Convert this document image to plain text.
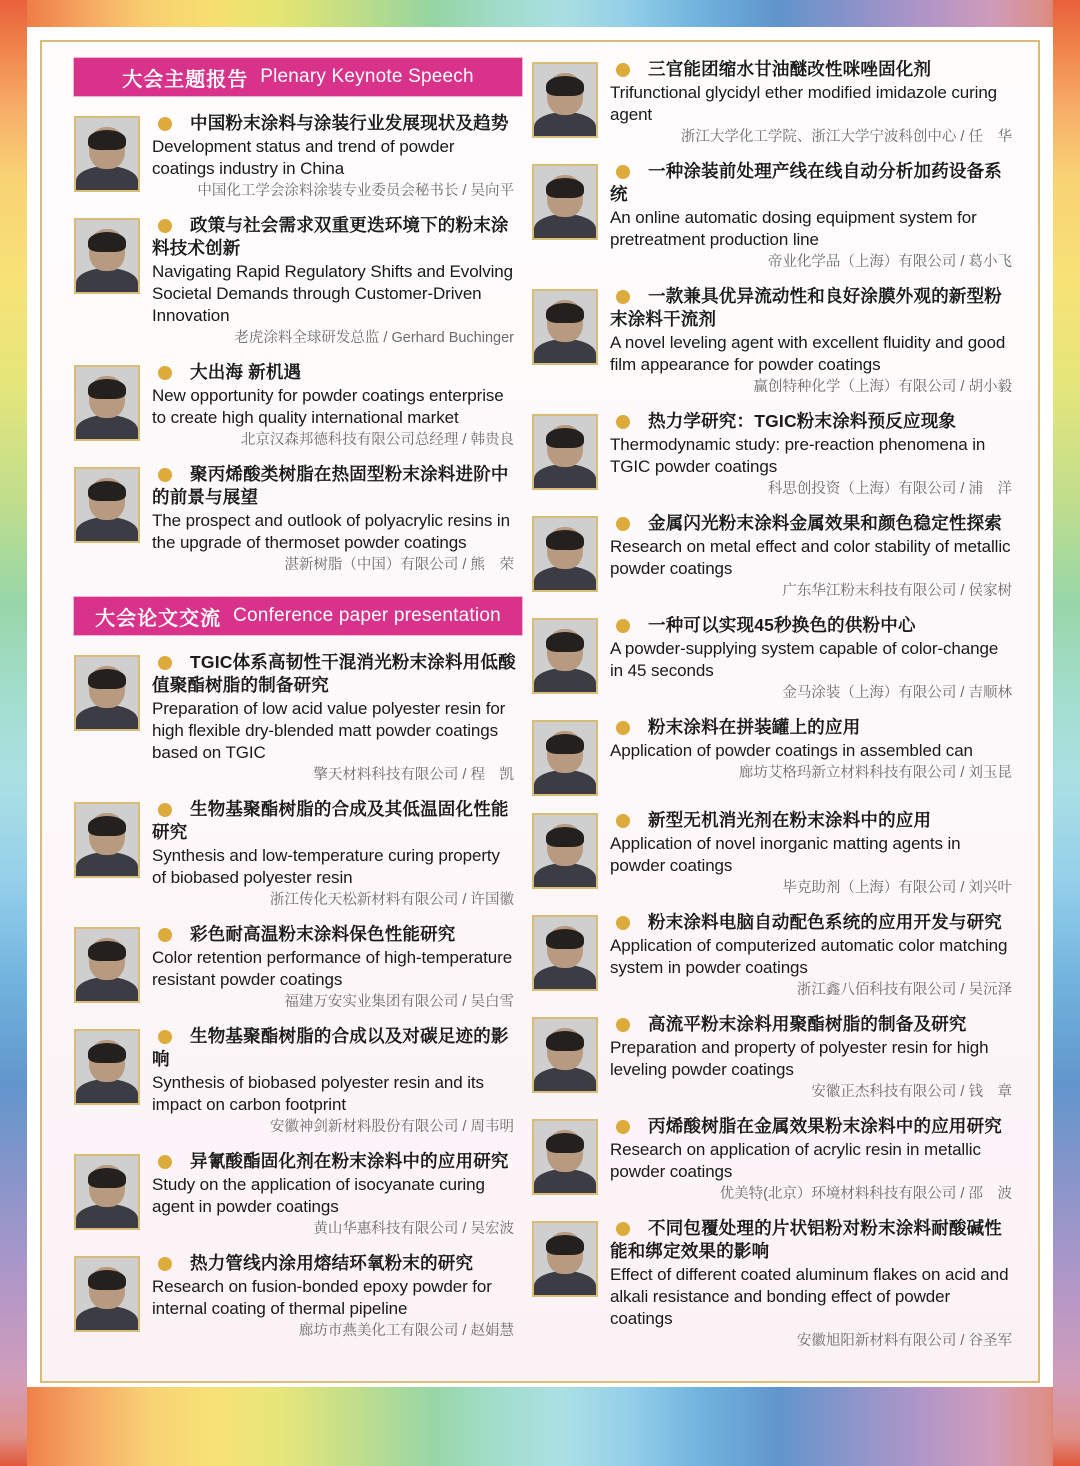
大会主题报告 Plenary Keynote Speech
中国粉末涂料与涂装行业发展现状及趋势
Development status and trend of powder coatings industry in China
中国化工学会涂料涂装专业委员会秘书长 / 吴向平
政策与社会需求双重更迭环境下的粉末涂料技术创新
Navigating Rapid Regulatory Shifts and Evolving Societal Demands through Customer-Driven Innovation
老虎涂料全球研发总监 / Gerhard Buchinger
大出海 新机遇
New opportunity for powder coatings enterprise to create high quality international market
北京汉森邦德科技有限公司总经理 / 韩贵良
聚丙烯酸类树脂在热固型粉末涂料进阶中的前景与展望
The prospect and outlook of polyacrylic resins in the upgrade of thermoset powder coatings
湛新树脂（中国）有限公司 / 熊　荣
大会论文交流 Conference paper presentation
TGIC体系高韧性干混消光粉末涂料用低酸值聚酯树脂的制备研究
Preparation of low acid value polyester resin for high flexible dry-blended matt powder coatings based on TGIC
擎天材料科技有限公司 / 程　凯
生物基聚酯树脂的合成及其低温固化性能研究
Synthesis and low-temperature curing property of biobased polyester resin
浙江传化天松新材料有限公司 / 许国徽
彩色耐高温粉末涂料保色性能研究
Color retention performance of high-temperature resistant powder coatings
福建万安实业集团有限公司 / 吴白雪
生物基聚酯树脂的合成以及对碳足迹的影响
Synthesis of biobased polyester resin and its impact on carbon footprint
安徽神剑新材料股份有限公司 / 周韦明
异氰酸酯固化剂在粉末涂料中的应用研究
Study on the application of isocyanate curing agent in powder coatings
黄山华惠科技有限公司 / 吴宏波
热力管线内涂用熔结环氧粉末的研究
Research on fusion-bonded epoxy powder for internal coating of thermal pipeline
廊坊市燕美化工有限公司 / 赵娟慧
三官能团缩水甘油醚改性咪唑固化剂
Trifunctional glycidyl ether modified imidazole curing agent
浙江大学化工学院、浙江大学宁波科创中心 / 任　华
一种涂装前处理产线在线自动分析加药设备系统
An online automatic dosing equipment system for pretreatment production line
帝业化学品（上海）有限公司 / 葛小飞
一款兼具优异流动性和良好涂膜外观的新型粉末涂料干流剂
A novel leveling agent with excellent fluidity and good film appearance for powder coatings
赢创特种化学（上海）有限公司 / 胡小毅
热力学研究：TGIC粉末涂料预反应现象
Thermodynamic study: pre-reaction phenomena in TGIC powder coatings
科思创投资（上海）有限公司 / 浦　洋
金属闪光粉末涂料金属效果和颜色稳定性探索
Research on metal effect and color stability of metallic powder coatings
广东华江粉末科技有限公司 / 侯家树
一种可以实现45秒换色的供粉中心
A powder-supplying system capable of color-change in 45 seconds
金马涂装（上海）有限公司 / 吉顺林
粉末涂料在拼装罐上的应用
Application of powder coatings in assembled can
廊坊艾格玛新立材料科技有限公司 / 刘玉昆
新型无机消光剂在粉末涂料中的应用
Application of novel inorganic matting agents in powder coatings
毕克助剂（上海）有限公司 / 刘兴叶
粉末涂料电脑自动配色系统的应用开发与研究
Application of computerized automatic color matching system in powder coatings
浙江鑫八佰科技有限公司 / 吴沅泽
高流平粉末涂料用聚酯树脂的制备及研究
Preparation and property of polyester resin for high leveling powder coatings
安徽正杰科技有限公司 / 钱　章
丙烯酸树脂在金属效果粉末涂料中的应用研究
Research on application of acrylic resin in metallic powder coatings
优美特(北京）环境材料科技有限公司 / 邵　波
不同包覆处理的片状铝粉对粉末涂料耐酸碱性能和绑定效果的影响
Effect of different coated aluminum flakes on acid and alkali resistance and bonding effect of powder coatings
安徽旭阳新材料有限公司 / 谷圣军
